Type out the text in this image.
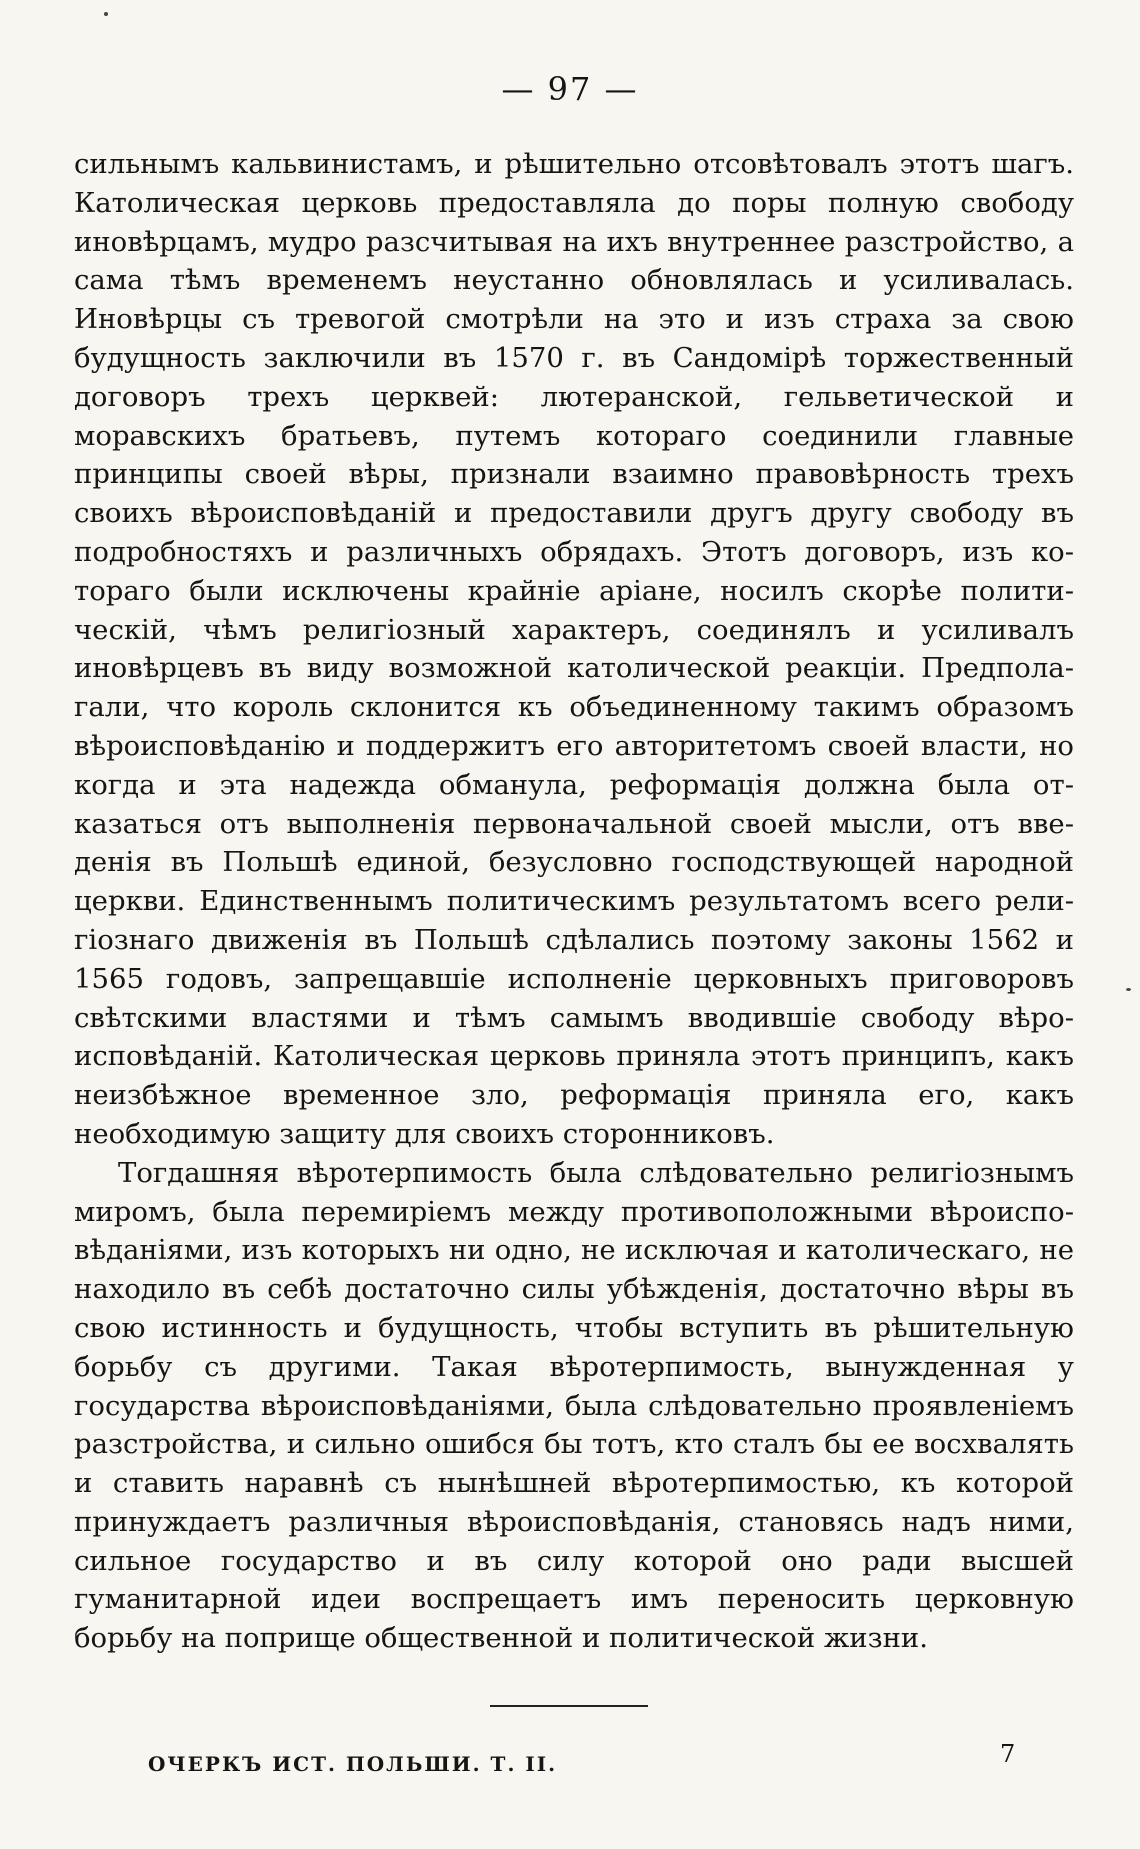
— 97 —

сильнымъ кальвинистамъ, и рѣшительно отсовѣтовалъ этотъ шагъ. Католическая церковь предоставляла до поры полную свободу иновѣрцамъ, мудро разсчитывая на ихъ внутреннее разстройство, а сама тѣмъ временемъ неустанно обновлялась и усиливалась. Иновѣрцы съ тревогой смотрѣли на это и изъ страха за свою будущность заключили въ 1570 г. въ Сандомірѣ торжественный договоръ трехъ церквей: лютеранской, гельветической и моравскихъ братьевъ, путемъ котораго соединили главные принципы своей вѣры, признали взаимно правовѣрность трехъ своихъ вѣроисповѣданій и предоставили другъ другу свободу въ подробностяхъ и различныхъ обрядахъ. Этотъ договоръ, изъ котораго были исключены крайніе аріане, носилъ скорѣе политическій, чѣмъ религіозный характеръ, соединялъ и усиливалъ иновѣрцевъ въ виду возможной католической реакціи. Предполагали, что король склонится къ объединенному такимъ образомъ вѣроисповѣданію и поддержитъ его авторитетомъ своей власти, но когда и эта надежда обманула, реформація должна была отказаться отъ выполненія первоначальной своей мысли, отъ введенія въ Польшѣ единой, безусловно господствующей народной церкви. Единственнымъ политическимъ результатомъ всего религіознаго движенія въ Польшѣ сдѣлались поэтому законы 1562 и 1565 годовъ, запрещавшіе исполненіе церковныхъ приговоровъ свѣтскими властями и тѣмъ самымъ вводившіе свободу вѣроисповѣданій. Католическая церковь приняла этотъ принципъ, какъ неизбѣжное временное зло, реформація приняла его, какъ необходимую защиту для своихъ сторонниковъ.

Тогдашняя вѣротерпимость была слѣдовательно религіознымъ миромъ, была перемиріемъ между противоположными вѣроисповѣданіями, изъ которыхъ ни одно, не исключая и католическаго, не находило въ себѣ достаточно силы убѣжденія, достаточно вѣры въ свою истинность и будущность, чтобы вступить въ рѣшительную борьбу съ другими. Такая вѣротерпимость, вынужденная у государства вѣроисповѣданіями, была слѣдовательно проявленіемъ разстройства, и сильно ошибся бы тотъ, кто сталъ бы ее восхвалять и ставить наравнѣ съ нынѣшней вѣротерпимостью, къ которой принуждаетъ различныя вѣроисповѣданія, становясь надъ ними, сильное государство и въ силу которой оно ради высшей гуманитарной идеи воспрещаетъ имъ переносить церковную борьбу на поприще общественной и политической жизни.

ОЧЕРКЪ ИСТ. ПОЛЬШИ. Т. II.	7
